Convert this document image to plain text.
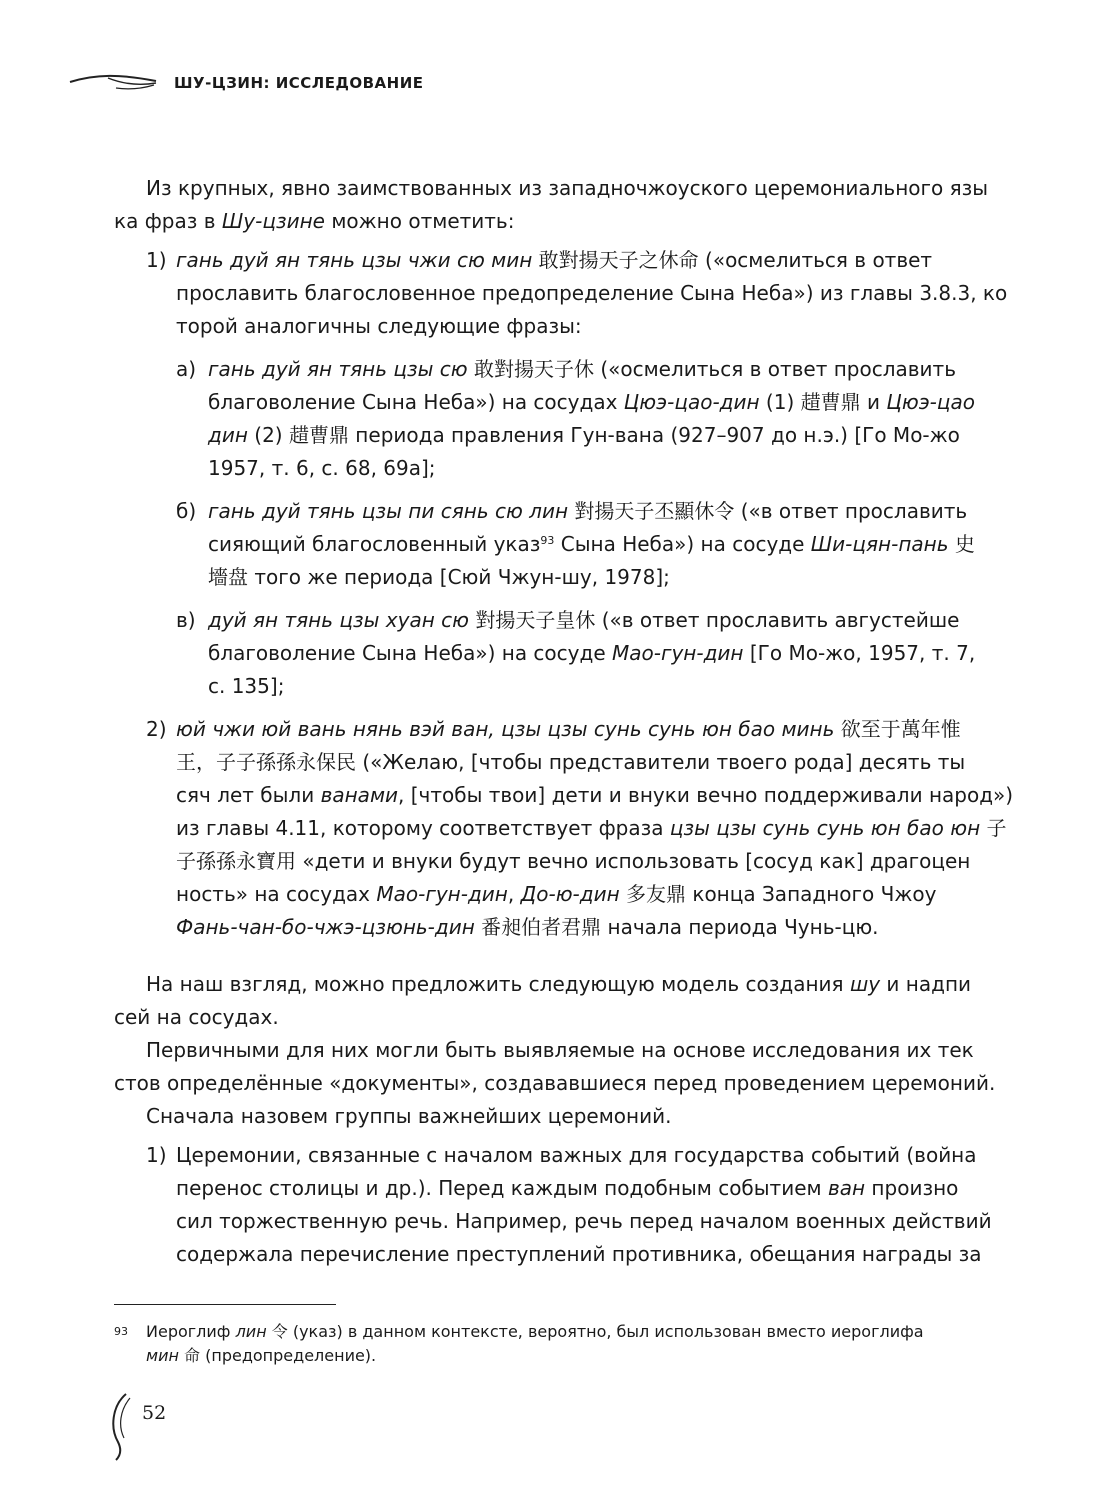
ШУ-ЦЗИН: ИССЛЕДОВАНИЕ

Из крупных, явно заимствованных из западночжоуского церемониального язы
ка фраз в Шу-цзине можно отметить:

1) гань дуй ян тянь цзы чжи сю мин 敢對揚天子之休命 («осмелиться в ответ
прославить благословенное предопределение Сына Неба») из главы 3.8.3, ко
торой аналогичны следующие фразы:
а) гань дуй ян тянь цзы сю 敢對揚天子休 («осмелиться в ответ прославить
благоволение Сына Неба») на сосудах Цюэ-цао-дин (1) 趞曹鼎 и Цюэ-цао
дин (2) 趞曹鼎 периода правления Гун-вана (927–907 до н.э.) [Го Мо-жо
1957, т. 6, с. 68, 69а];
б) гань дуй тянь цзы пи сянь сю лин 對揚天子丕顯休令 («в ответ прославить
сияющий благословенный указ$^{93}$ Сына Неба») на сосуде Ши-цян-пань 史
墻盘 того же периода [Сюй Чжун-шу, 1978];
в) дуй ян тянь цзы хуан сю 對揚天子皇休 («в ответ прославить августейше
благоволение Сына Неба») на сосуде Мао-гун-дин [Го Мо-жо, 1957, т. 7,
с. 135];
2) юй чжи юй вань нянь вэй ван, цзы цзы сунь сунь юн бао минь 欲至于萬年惟
王，子子孫孫永保民 («Желаю, [чтобы представители твоего рода] десять ты
сяч лет были ванами, [чтобы твои] дети и внуки вечно поддерживали народ»)
из главы 4.11, которому соответствует фраза цзы цзы сунь сунь юн бао юн 子
子孫孫永寶用 «дети и внуки будут вечно использовать [сосуд как] драгоцен
ность» на сосудах Мао-гун-дин, До-ю-дин 多友鼎 конца Западного Чжоу
Фань-чан-бо-чжэ-цзюнь-дин 番昶伯者君鼎 начала периода Чунь-цю.

На наш взгляд, можно предложить следующую модель создания шу и надпи
сей на сосудах.

Первичными для них могли быть выявляемые на основе исследования их тек
стов определённые «документы», создававшиеся перед проведением церемоний.

Сначала назовем группы важнейших церемоний.

1) Церемонии, связанные с началом важных для государства событий (война
перенос столицы и др.). Перед каждым подобным событием ван произно
сил торжественную речь. Например, речь перед началом военных действий
содержала перечисление преступлений противника, обещания награды за
93 Иероглиф лин 令 (указ) в данном контексте, вероятно, был использован вместо иероглифа
мин 命 (предопределение).
52
